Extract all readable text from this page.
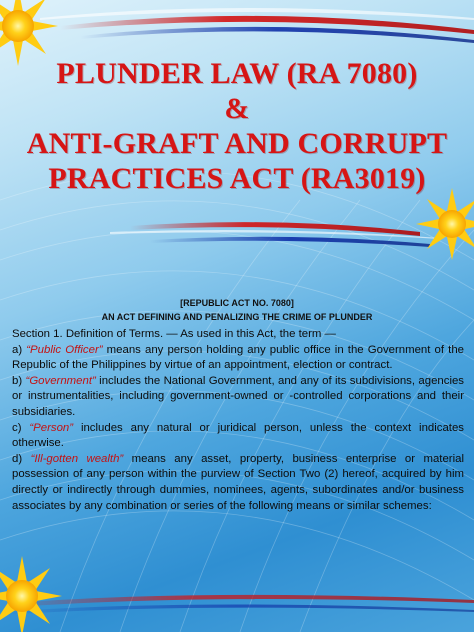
PLUNDER LAW (RA 7080)
&
ANTI-GRAFT AND CORRUPT
PRACTICES ACT (RA3019)
[REPUBLIC ACT NO. 7080]
AN ACT DEFINING AND PENALIZING THE CRIME OF PLUNDER

Section 1. Definition of Terms. — As used in this Act, the term —

a) “Public Officer” means any person holding any public office in the Government of the Republic of the Philippines by virtue of an appointment, election or contract.

b) “Government” includes the National Government, and any of its subdivisions, agencies or instrumentalities, including government-owned or -controlled corporations and their subsidiaries.

c) “Person” includes any natural or juridical person, unless the context indicates otherwise.

d) “Ill-gotten wealth” means any asset, property, business enterprise or material possession of any person within the purview of Section Two (2) hereof, acquired by him directly or indirectly through dummies, nominees, agents, subordinates and/or business associates by any combination or series of the following means or similar schemes:
